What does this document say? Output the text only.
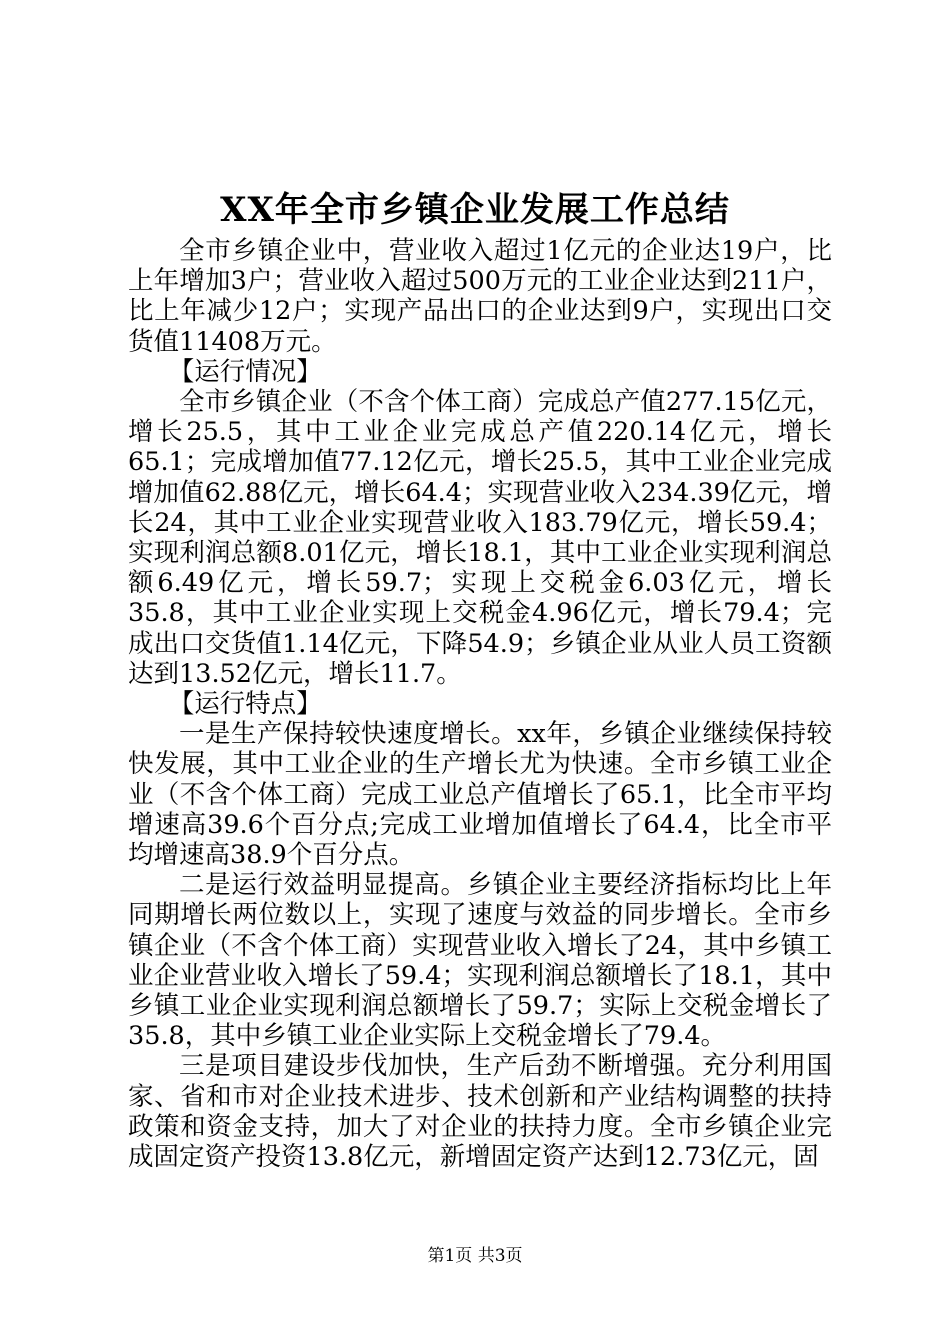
XX年全市乡镇企业发展工作总结

全市乡镇企业中，营业收入超过1亿元的企业达19户，比上年增加3户；营业收入超过500万元的工业企业达到211户，比上年减少12户；实现产品出口的企业达到9户，实现出口交货值11408万元。

【运行情况】

全市乡镇企业（不含个体工商）完成总产值277.15亿元，增长25.5，其中工业企业完成总产值220.14亿元，增长65.1；完成增加值77.12亿元，增长25.5，其中工业企业完成增加值62.88亿元，增长64.4；实现营业收入234.39亿元，增长24，其中工业企业实现营业收入183.79亿元，增长59.4；实现利润总额8.01亿元，增长18.1，其中工业企业实现利润总额6.49亿元，增长59.7；实现上交税金6.03亿元，增长35.8，其中工业企业实现上交税金4.96亿元，增长79.4；完成出口交货值1.14亿元，下降54.9；乡镇企业从业人员工资额达到13.52亿元，增长11.7。

【运行特点】

一是生产保持较快速度增长。xx年，乡镇企业继续保持较快发展，其中工业企业的生产增长尤为快速。全市乡镇工业企业（不含个体工商）完成工业总产值增长了65.1，比全市平均增速高39.6个百分点;完成工业增加值增长了64.4，比全市平均增速高38.9个百分点。

二是运行效益明显提高。乡镇企业主要经济指标均比上年同期增长两位数以上，实现了速度与效益的同步增长。全市乡镇企业（不含个体工商）实现营业收入增长了24，其中乡镇工业企业营业收入增长了59.4；实现利润总额增长了18.1，其中乡镇工业企业实现利润总额增长了59.7；实际上交税金增长了35.8，其中乡镇工业企业实际上交税金增长了79.4。

三是项目建设步伐加快，生产后劲不断增强。充分利用国家、省和市对企业技术进步、技术创新和产业结构调整的扶持政策和资金支持，加大了对企业的扶持力度。全市乡镇企业完成固定资产投资13.8亿元，新增固定资产达到12.73亿元，固

第1页 共3页
